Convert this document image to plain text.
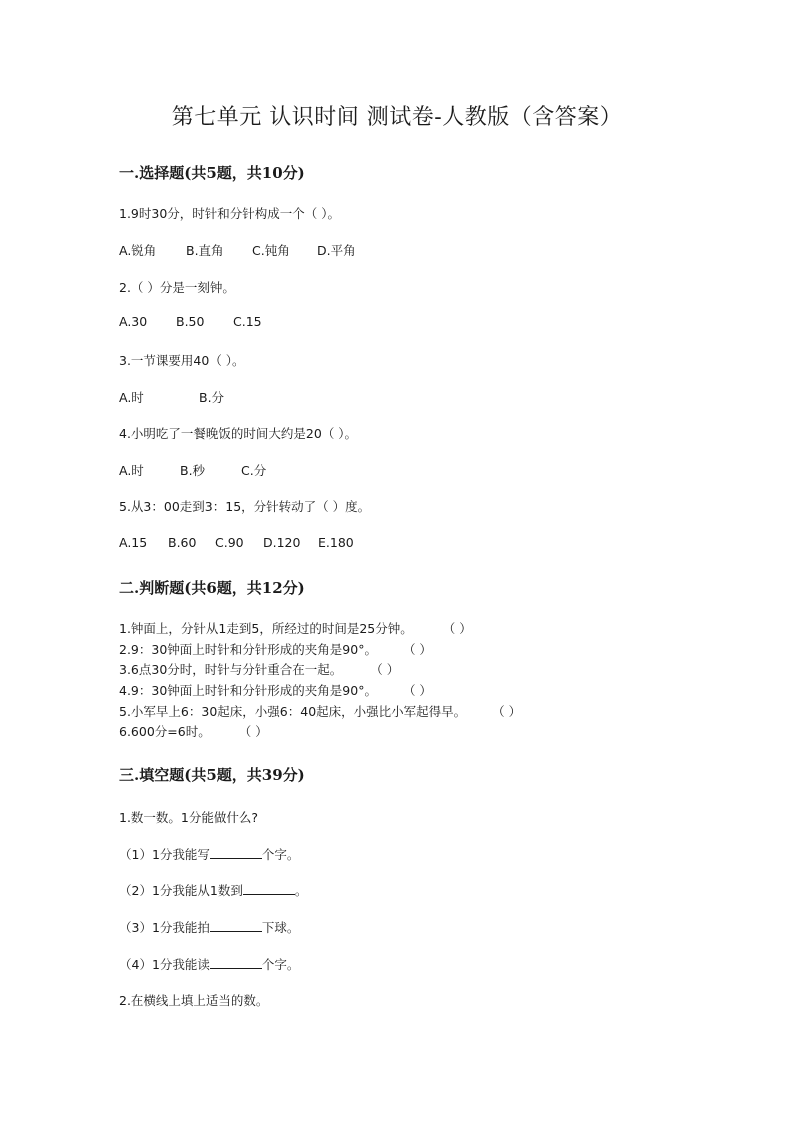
第七单元 认识时间 测试卷-人教版（含答案）
一.选择题(共5题，共10分)
1.9时30分，时针和分针构成一个（ ）。
A.锐角 B.直角 C.钝角 D.平角
2.（ ）分是一刻钟。
A.30 B.50 C.15
3.一节课要用40（ ）。
A.时	B.分
4.小明吃了一餐晚饭的时间大约是20（ ）。
A.时	B.秒	C.分
5.从3：00走到3：15，分针转动了（ ）度。
A.15 B.60 C.90 D.120 E.180
二.判断题(共6题，共12分)
1.钟面上，分针从1走到5，所经过的时间是25分钟。 （ ）
2.9：30钟面上时针和分针形成的夹角是90°。 （ ）
3.6点30分时，时针与分针重合在一起。 （ ）
4.9：30钟面上时针和分针形成的夹角是90°。 （ ）
5.小军早上6：30起床，小强6：40起床，小强比小军起得早。 （ ）
6.600分=6时。 （ ）
三.填空题(共5题，共39分)
1.数一数。1分能做什么?
（1）1分我能写	个字。
（2）1分我能从1数到	。
（3）1分我能拍	下球。
（4）1分我能读	个字。
2.在横线上填上适当的数。
